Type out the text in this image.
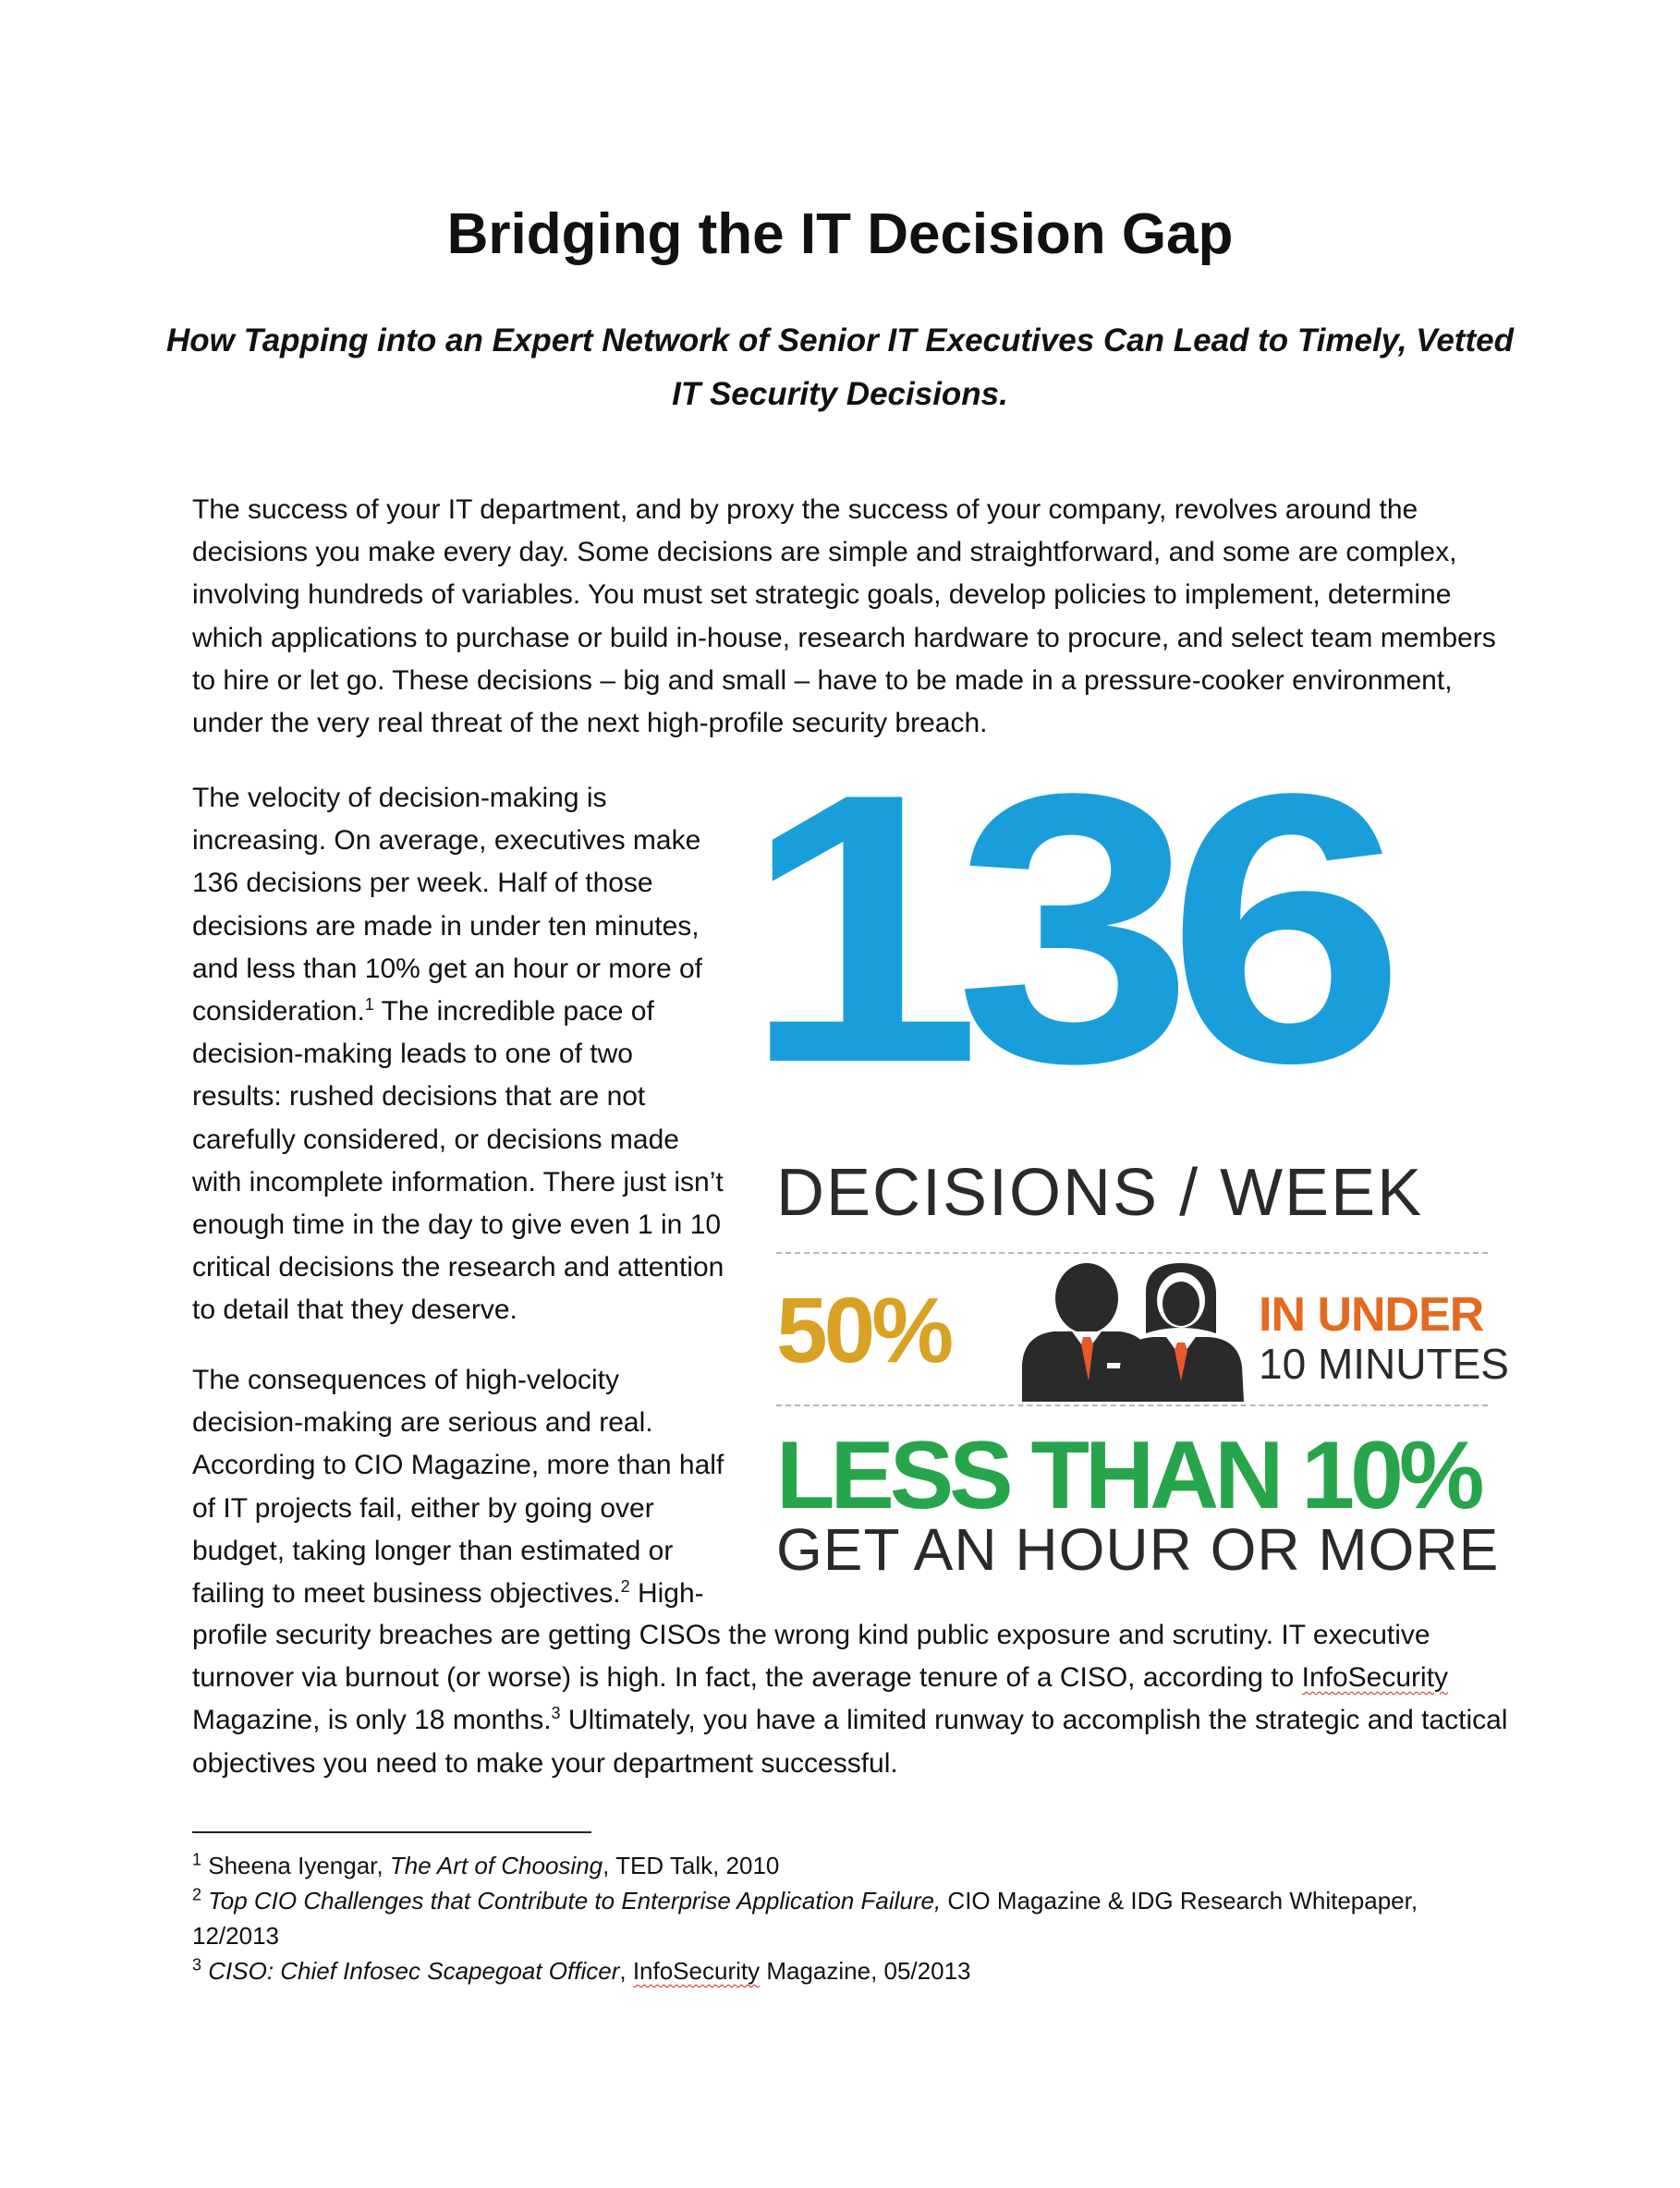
Bridging the IT Decision Gap
How Tapping into an Expert Network of Senior IT Executives Can Lead to Timely, Vetted IT Security Decisions.

The success of your IT department, and by proxy the success of your company, revolves around the decisions you make every day. Some decisions are simple and straightforward, and some are complex, involving hundreds of variables. You must set strategic goals, develop policies to implement, determine which applications to purchase or build in-house, research hardware to procure, and select team members to hire or let go. These decisions – big and small – have to be made in a pressure-cooker environment, under the very real threat of the next high-profile security breach.

The velocity of decision-making is increasing. On average, executives make 136 decisions per week. Half of those decisions are made in under ten minutes, and less than 10% get an hour or more of consideration.$^1$ The incredible pace of decision-making leads to one of two results: rushed decisions that are not carefully considered, or decisions made with incomplete information. There just isn’t enough time in the day to give even 1 in 10 critical decisions the research and attention to detail that they deserve.

The consequences of high-velocity decision-making are serious and real. According to CIO Magazine, more than half of IT projects fail, either by going over budget, taking longer than estimated or failing to meet business objectives.$^2$ High-

profile security breaches are getting CISOs the wrong kind public exposure and scrutiny. IT executive turnover via burnout (or worse) is high. In fact, the average tenure of a CISO, according to InfoSecurity Magazine, is only 18 months.$^3$ Ultimately, you have a limited runway to accomplish the strategic and tactical objectives you need to make your department successful.

136

DECISIONS / WEEK

50%	IN UNDER

10 MINUTES

LESS THAN 10%

GET AN HOUR OR MORE

$^1$ Sheena Iyengar, The Art of Choosing, TED Talk, 2010

$^2$ Top CIO Challenges that Contribute to Enterprise Application Failure, CIO Magazine & IDG Research Whitepaper, 12/2013

$^3$ CISO: Chief Infosec Scapegoat Officer, InfoSecurity Magazine, 05/2013
